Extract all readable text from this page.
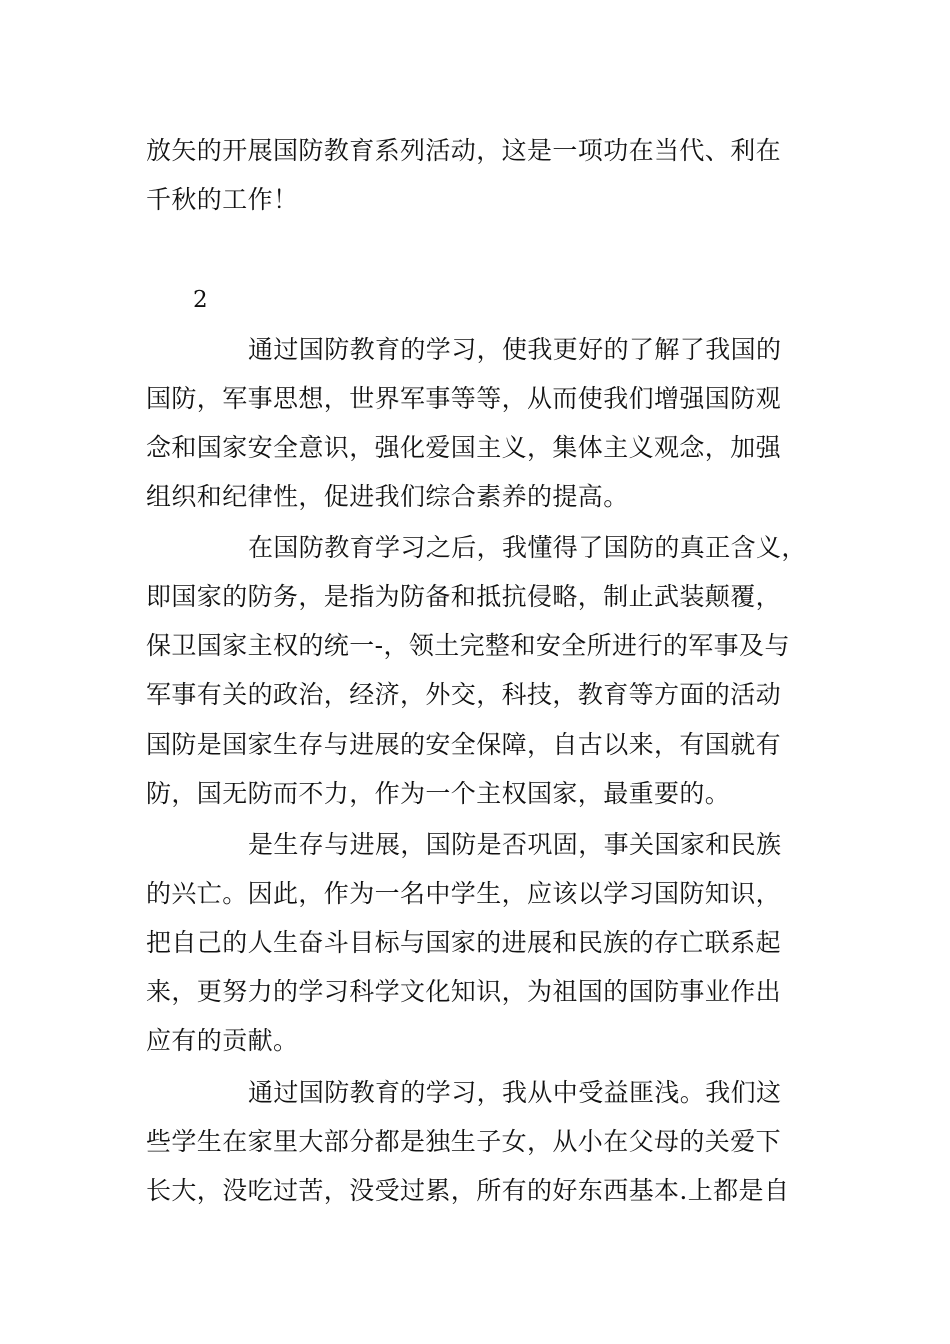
放矢的开展国防教育系列活动，这是一项功在当代、利在
千秋的工作！
2
通过国防教育的学习，使我更好的了解了我国的
国防，军事思想，世界军事等等，从而使我们增强国防观
念和国家安全意识，强化爱国主义，集体主义观念，加强
组织和纪律性，促进我们综合素养的提高。
在国防教育学习之后，我懂得了国防的真正含义，
即国家的防务，是指为防备和抵抗侵略，制止武装颠覆，
保卫国家主权的统一-，领土完整和安全所进行的军事及与
军事有关的政治，经济，外交，科技，教育等方面的活动
国防是国家生存与进展的安全保障，自古以来，有国就有
防，国无防而不力，作为一个主权国家，最重要的。
是生存与进展，国防是否巩固，事关国家和民族
的兴亡。因此，作为一名中学生，应该以学习国防知识，
把自己的人生奋斗目标与国家的进展和民族的存亡联系起
来，更努力的学习科学文化知识，为祖国的国防事业作出
应有的贡献。
通过国防教育的学习，我从中受益匪浅。我们这
些学生在家里大部分都是独生子女，从小在父母的关爱下
长大，没吃过苦，没受过累，所有的好东西基本.上都是自
